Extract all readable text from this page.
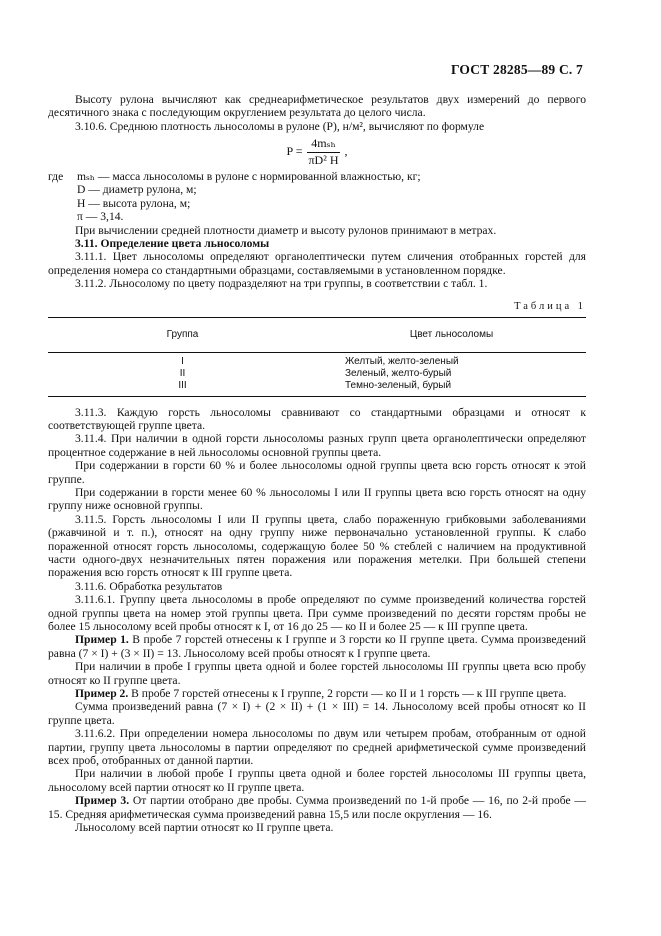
ГОСТ 28285—89 С. 7

Высоту рулона вычисляют как среднеарифметическое результатов двух измерений до первого десятичного знака с последующим округлением результата до целого числа.

3.10.6. Среднюю плотность льносоломы в рулоне (P), н/м², вычисляют по формуле

$P = \frac{\text{4mₛₕ}}{\text{πD² H}}$ ,

где mₛₕ — масса льносоломы в рулоне с нормированной влажностью, кг;

D — диаметр рулона, м;

H — высота рулона, м;

π — 3,14.

При вычислении средней плотности диаметр и высоту рулонов принимают в метрах.

3.11. Определение цвета льносоломы

3.11.1. Цвет льносоломы определяют органолептически путем сличения отобранных горстей для определения номера со стандартными образцами, составляемыми в установленном порядке.

3.11.2. Льносолому по цвету подразделяют на три группы, в соответствии с табл. 1.

Таблица 1
Группа	Цвет льносоломы
I	Желтый, желто-зеленый
II	Зеленый, желто-бурый
III	Темно-зеленый, бурый

3.11.3. Каждую горсть льносоломы сравнивают со стандартными образцами и относят к соответствующей группе цвета.

3.11.4. При наличии в одной горсти льносоломы разных групп цвета органолептически определяют процентное содержание в ней льносоломы основной группы цвета.

При содержании в горсти 60 % и более льносоломы одной группы цвета всю горсть относят к этой группе.

При содержании в горсти менее 60 % льносоломы I или II группы цвета всю горсть относят на одну группу ниже основной группы.

3.11.5. Горсть льносоломы I или II группы цвета, слабо пораженную грибковыми заболеваниями (ржавчиной и т. п.), относят на одну группу ниже первоначально установленной группы. К слабо пораженной относят горсть льносоломы, содержащую более 50 % стеблей с наличием на продуктивной части одного-двух незначительных пятен поражения или поражения метелки. При большей степени поражения всю горсть относят к III группе цвета.

3.11.6. Обработка результатов

3.11.6.1. Группу цвета льносоломы в пробе определяют по сумме произведений количества горстей одной группы цвета на номер этой группы цвета. При сумме произведений по десяти горстям пробы не более 15 льносолому всей пробы относят к I, от 16 до 25 — ко II и более 25 — к III группе цвета.

Пример 1. В пробе 7 горстей отнесены к I группе и 3 горсти ко II группе цвета. Сумма произведений равна (7 × I) + (3 × II) = 13. Льносолому всей пробы относят к I группе цвета.

При наличии в пробе I группы цвета одной и более горстей льносоломы III группы цвета всю пробу относят ко II группе цвета.

Пример 2. В пробе 7 горстей отнесены к I группе, 2 горсти — ко II и 1 горсть — к III группе цвета.

Сумма произведений равна (7 × I) + (2 × II) + (1 × III) = 14. Льносолому всей пробы относят ко II группе цвета.

3.11.6.2. При определении номера льносоломы по двум или четырем пробам, отобранным от одной партии, группу цвета льносоломы в партии определяют по средней арифметической сумме произведений всех проб, отобранных от данной партии.

При наличии в любой пробе I группы цвета одной и более горстей льносоломы III группы цвета, льносолому всей партии относят ко II группе цвета.

Пример 3. От партии отобрано две пробы. Сумма произведений по 1-й пробе — 16, по 2-й пробе — 15. Средняя арифметическая сумма произведений равна 15,5 или после округления — 16.

Льносолому всей партии относят ко II группе цвета.
